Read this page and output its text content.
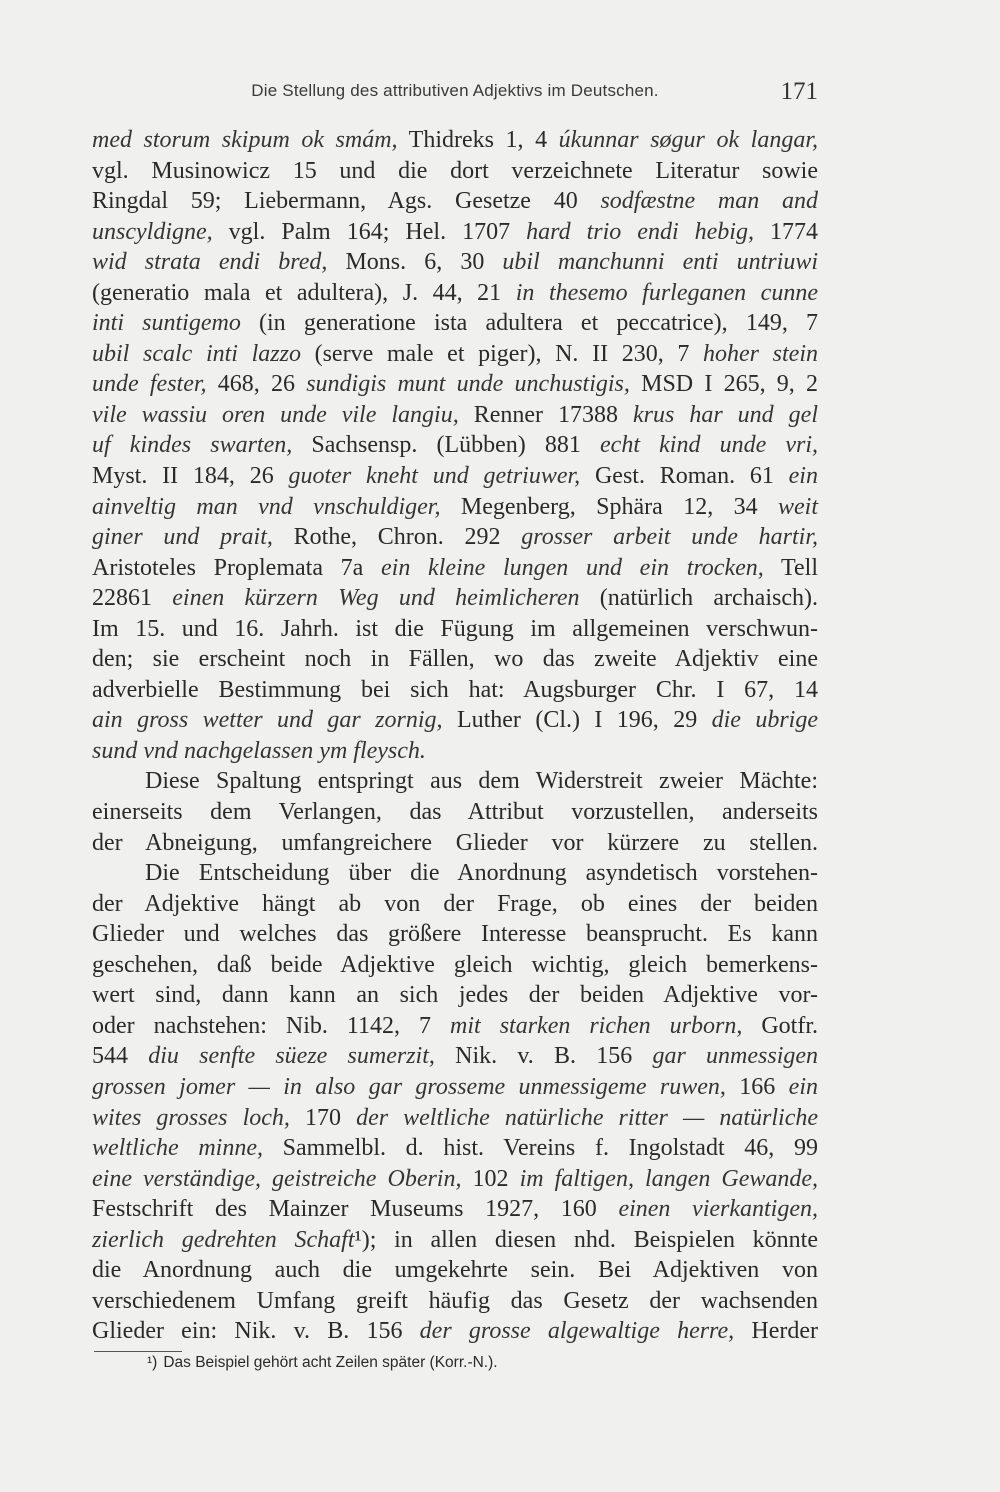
Die Stellung des attributiven Adjektivs im Deutschen.	171
med storum skipum ok smám, Thidreks 1, 4 úkunnar søgur ok langar,
vgl. Musinowicz 15 und die dort verzeichnete Literatur sowie
Ringdal 59; Liebermann, Ags. Gesetze 40 sodfæstne man and
unscyldigne, vgl. Palm 164; Hel. 1707 hard trio endi hebig, 1774
wid strata endi bred, Mons. 6, 30 ubil manchunni enti untriuwi
(generatio mala et adultera), J. 44, 21 in thesemo furleganen cunne
inti suntigemo (in generatione ista adultera et peccatrice), 149, 7
ubil scalc inti lazzo (serve male et piger), N. II 230, 7 hoher stein
unde fester, 468, 26 sundigis munt unde unchustigis, MSD I 265, 9, 2
vile wassiu oren unde vile langiu, Renner 17388 krus har und gel
uf kindes swarten, Sachsensp. (Lübben) 881 echt kind unde vri,
Myst. II 184, 26 guoter kneht und getriuwer, Gest. Roman. 61 ein
ainveltig man vnd vnschuldiger, Megenberg, Sphära 12, 34 weit
giner und prait, Rothe, Chron. 292 grosser arbeit unde hartir,
Aristoteles Proplemata 7a ein kleine lungen und ein trocken, Tell
22861 einen kürzern Weg und heimlicheren (natürlich archaisch).
Im 15. und 16. Jahrh. ist die Fügung im allgemeinen verschwun-
den; sie erscheint noch in Fällen, wo das zweite Adjektiv eine
adverbielle Bestimmung bei sich hat: Augsburger Chr. I 67, 14
ain gross wetter und gar zornig, Luther (Cl.) I 196, 29 die ubrige
sund vnd nachgelassen ym fleysch.
Diese Spaltung entspringt aus dem Widerstreit zweier Mächte:
einerseits dem Verlangen, das Attribut vorzustellen, anderseits
der Abneigung, umfangreichere Glieder vor kürzere zu stellen.
Die Entscheidung über die Anordnung asyndetisch vorstehen-
der Adjektive hängt ab von der Frage, ob eines der beiden
Glieder und welches das größere Interesse beansprucht. Es kann
geschehen, daß beide Adjektive gleich wichtig, gleich bemerkens-
wert sind, dann kann an sich jedes der beiden Adjektive vor-
oder nachstehen: Nib. 1142, 7 mit starken richen urborn, Gotfr.
544 diu senfte süeze sumerzit, Nik. v. B. 156 gar unmessigen
grossen jomer — in also gar grosseme unmessigeme ruwen, 166 ein
wites grosses loch, 170 der weltliche natürliche ritter — natürliche
weltliche minne, Sammelbl. d. hist. Vereins f. Ingolstadt 46, 99
eine verständige, geistreiche Oberin, 102 im faltigen, langen Gewande,
Festschrift des Mainzer Museums 1927, 160 einen vierkantigen,
zierlich gedrehten Schaft¹); in allen diesen nhd. Beispielen könnte
die Anordnung auch die umgekehrte sein. Bei Adjektiven von
verschiedenem Umfang greift häufig das Gesetz der wachsenden
Glieder ein: Nik. v. B. 156 der grosse algewaltige herre, Herder
¹) Das Beispiel gehört acht Zeilen später (Korr.-N.).
